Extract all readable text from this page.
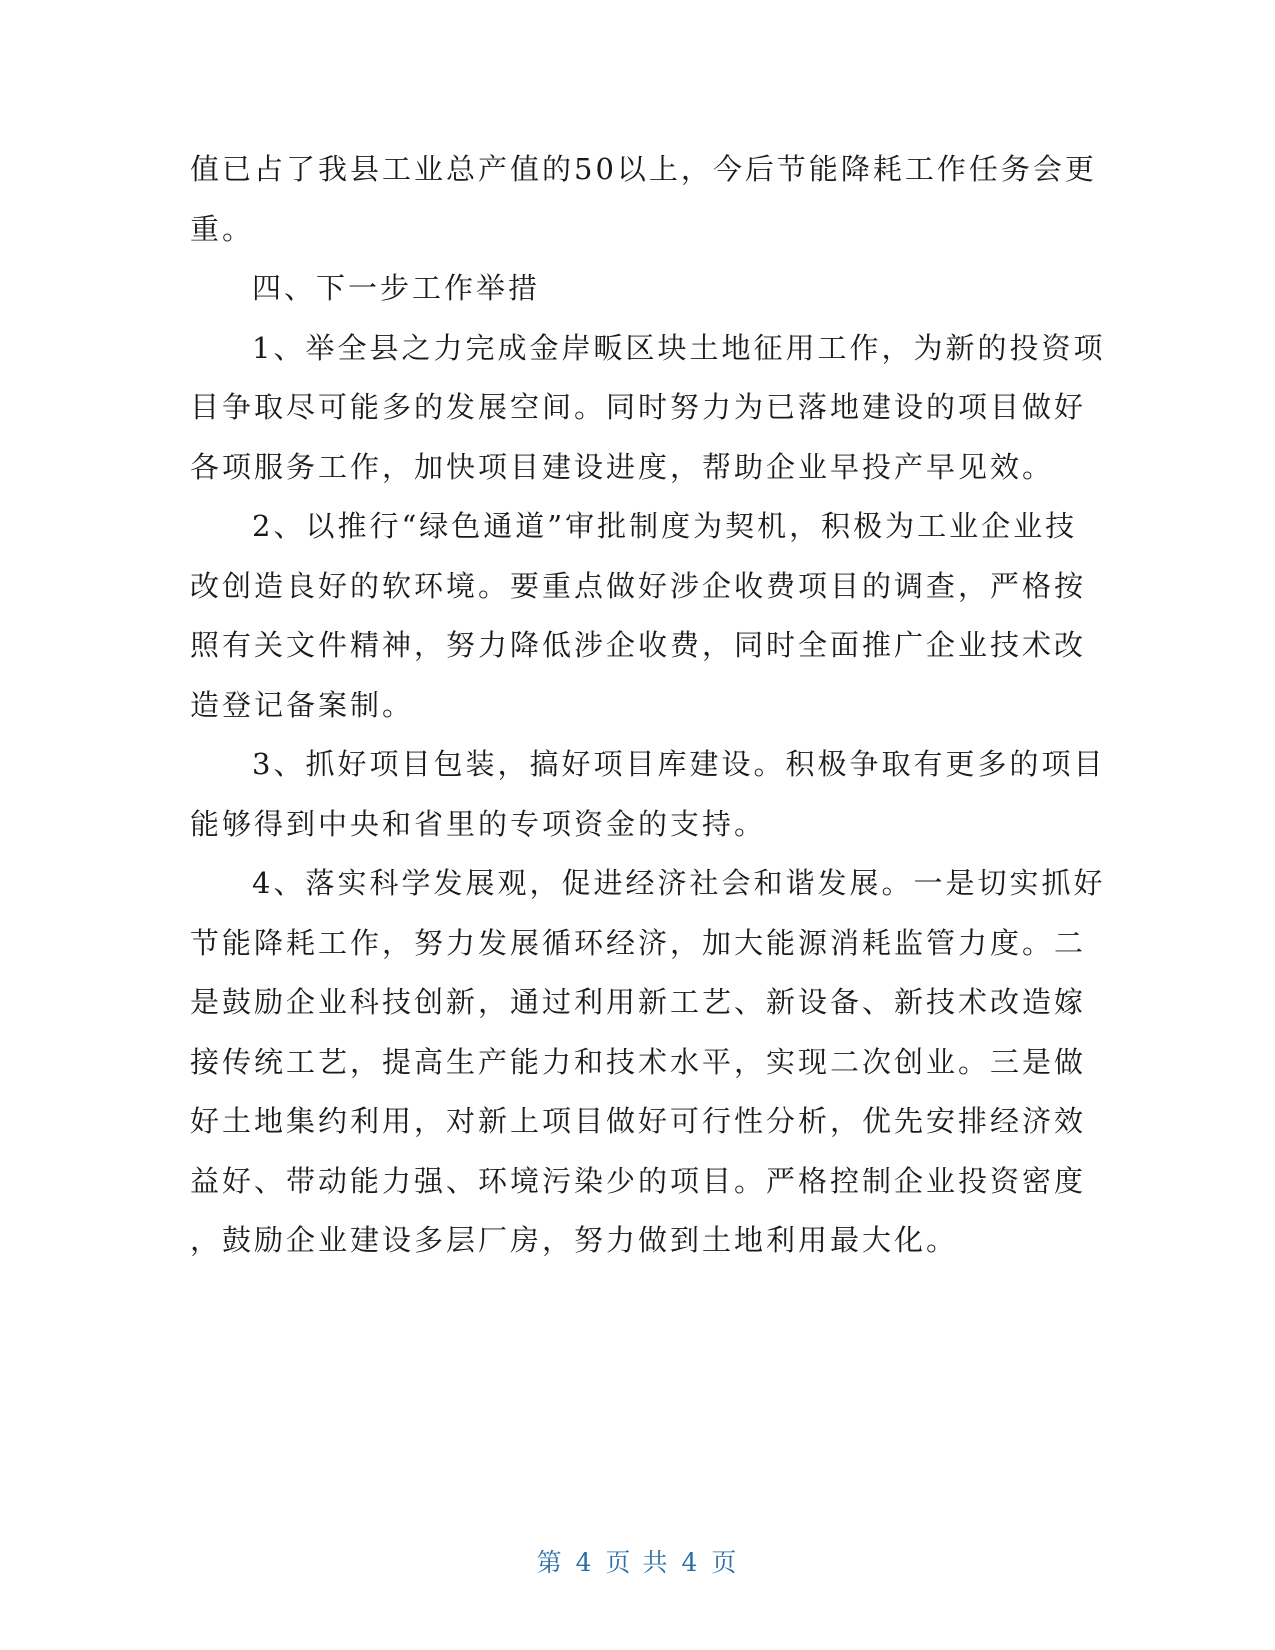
值已占了我县工业总产值的50以上，今后节能降耗工作任务会更
重。
四、下一步工作举措
1、举全县之力完成金岸畈区块土地征用工作，为新的投资项
目争取尽可能多的发展空间。同时努力为已落地建设的项目做好
各项服务工作，加快项目建设进度，帮助企业早投产早见效。
2、以推行“绿色通道”审批制度为契机，积极为工业企业技
改创造良好的软环境。要重点做好涉企收费项目的调查，严格按
照有关文件精神，努力降低涉企收费，同时全面推广企业技术改
造登记备案制。
3、抓好项目包装，搞好项目库建设。积极争取有更多的项目
能够得到中央和省里的专项资金的支持。
4、落实科学发展观，促进经济社会和谐发展。一是切实抓好
节能降耗工作，努力发展循环经济，加大能源消耗监管力度。二
是鼓励企业科技创新，通过利用新工艺、新设备、新技术改造嫁
接传统工艺，提高生产能力和技术水平，实现二次创业。三是做
好土地集约利用，对新上项目做好可行性分析，优先安排经济效
益好、带动能力强、环境污染少的项目。严格控制企业投资密度
，鼓励企业建设多层厂房，努力做到土地利用最大化。
第 4 页 共 4 页
